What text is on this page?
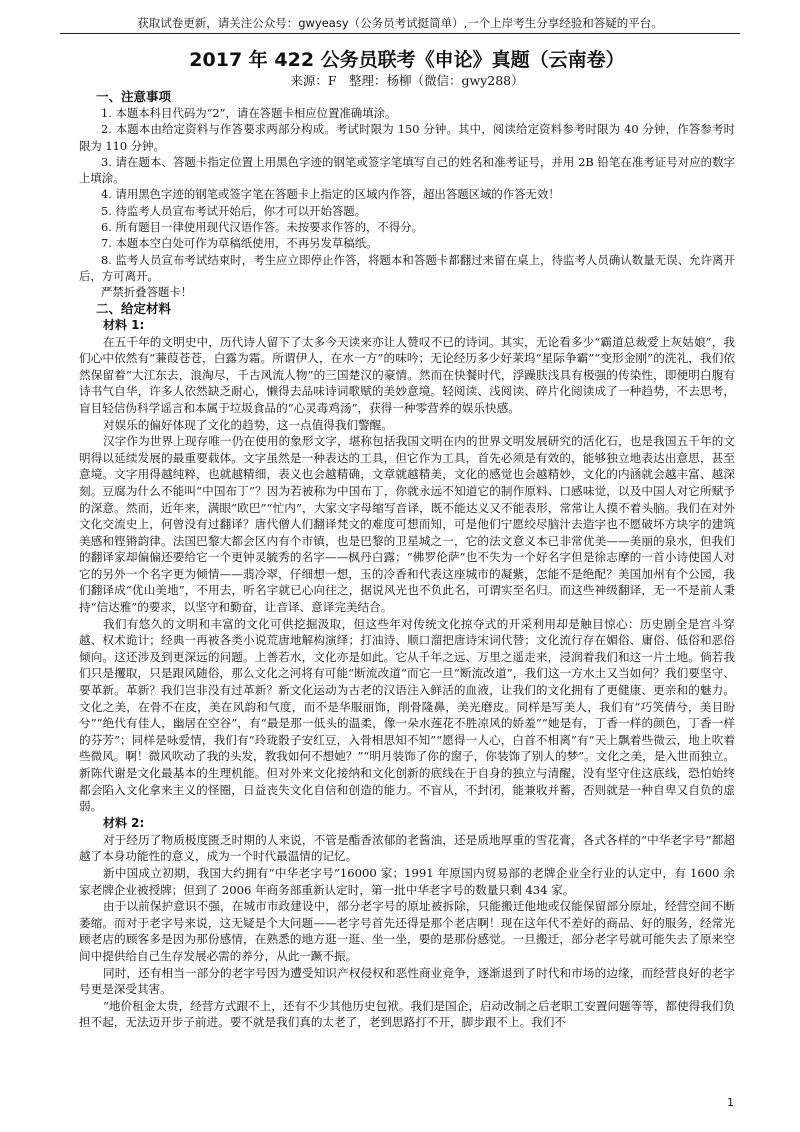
获取试卷更新，请关注公众号：gwyeasy（公务员考试挺简单）,一个上岸考生分享经验和答疑的平台。
2017 年 422 公务员联考《申论》真题（云南卷）
来源：F　整理：杨柳（微信：gwy288）
一、注意事项

1. 本题本科目代码为“2”，请在答题卡相应位置准确填涂。

2. 本题本由给定资料与作答要求两部分构成。考试时限为 150 分钟。其中，阅读给定资料参考时限为 40 分钟，作答参考时限为 110 分钟。

3. 请在题本、答题卡指定位置上用黑色字迹的钢笔或签字笔填写自己的姓名和准考证号，并用 2B 铅笔在准考证号对应的数字上填涂。

4. 请用黑色字迹的钢笔或签字笔在答题卡上指定的区域内作答，超出答题区域的作答无效！

5. 待监考人员宣布考试开始后，你才可以开始答题。

6. 所有题目一律使用现代汉语作答。未按要求作答的，不得分。

7. 本题本空白处可作为草稿纸使用，不再另发草稿纸。

8. 监考人员宣布考试结束时，考生应立即停止作答，将题本和答题卡都翻过来留在桌上，待监考人员确认数量无误、允许离开后，方可离开。

严禁折叠答题卡！

二、给定材料
材料 1:

在五千年的文明史中，历代诗人留下了太多今天读来亦让人赞叹不已的诗词。其实，无论看多少“霸道总裁爱上灰姑娘”，我们心中依然有“蒹葭苍苍，白露为霜。所谓伊人，在水一方”的味吟；无论经历多少好莱坞“星际争霸”“变形金刚”的洗礼，我们依然保留着“大江东去，浪淘尽，千古风流人物”的三国楚汉的豪情。然而在快餐时代，浮躁肤浅具有极强的传染性，即便明白腹有诗书气自华，许多人依然缺乏耐心，懒得去品味诗词歌赋的美妙意境。轻阅读、浅阅读、碎片化阅读成了一种趋势，不去思考，盲目轻信伪科学谣言和本属于垃圾食品的“心灵毒鸡汤”，获得一种零营养的娱乐快感。

对娱乐的偏好体现了文化的趋势，这一点值得我们警醒。

汉字作为世界上现存唯一仍在使用的象形文字，堪称包括我国文明在内的世界文明发展研究的活化石，也是我国五千年的文明得以延续发展的最重要载体。文字虽然是一种表达的工具，但它作为工具，首先必须是有效的，能够独立地表达出意思，甚至意境。文字用得越纯粹，也就越精细，表义也会越精确，文章就越精美，文化的感觉也会越精妙，文化的内涵就会越丰富、越深刻。豆腐为什么不能叫“中国布丁”？因为若被称为中国布丁，你就永远不知道它的制作原料、口感味觉，以及中国人对它所赋予的深意。然而，近年来，满眼“欧巴”“忙内”，大家文字母缩写音译，既不能达义又不能表形，常常让人摸不着头脑。我们在对外文化交流史上，何曾没有过翻译？唐代僧人们翻译梵文的难度可想而知，可是他们宁愿绞尽脑汁去造字也不愿破坏方块字的建筑美感和铿锵韵律。法国巴黎大都会区内有个市镇，也是巴黎的卫星城之一，它的法文意义本已非常优美——美丽的泉水，但我们的翻译家却偏偏还要给它一个更钟灵毓秀的名字——枫丹白露；“佛罗伦萨”也不失为一个好名字但是徐志摩的一首小诗使国人对它的另外一个名字更为倾情——翡冷翠，仔细想一想，玉的冷香和代表这座城市的凝紫，怎能不是绝配？美国加州有个公园，我们翻译成“优山美地”，不用去，听名字就已心向往之，据说风光也不负此名，可谓实至名归。而这些神级翻译，无一不是前人秉持“信达雅”的要求，以坚守和勤奋，让音译、意译完美结合。

我们有悠久的文明和丰富的文化可供挖掘汲取，但这些年对传统文化掠夺式的开采利用却是触目惊心：历史剧全是宫斗穿越、权术诡计；经典一再被各类小说荒唐地解构演绎；打油诗、顺口溜把唐诗宋词代替；文化流行存在媚俗、庸俗、低俗和恶俗倾向。这还涉及到更深远的问题。上善若水，文化亦是如此。它从千年之远、万里之遥走来，浸润着我们和这一片土地。倘若我们只是攫取，只是跟风随俗，那么文化之河将有可能“断流改道”而它一旦“断流改道”，我们这一方水土又当如何？我们要坚守、要革新。革新？我们岂非没有过革新？新文化运动为古老的汉语注入鲜活的血液，让我们的文化拥有了更健康、更亲和的魅力。文化之美，在骨不在皮，美在风韵和气度，而不是华服丽饰，削骨隆鼻，美光磨皮。同样是写美人，我们有“巧笑倩兮，美目盼兮”“绝代有佳人，幽居在空谷”，有“最是那一低头的温柔，像一朵水莲花不胜凉风的娇羞”“她是有，丁香一样的颜色，丁香一样的芬芳”；同样是咏爱情，我们有“玲珑骰子安红豆，入骨相思知不知”“愿得一人心，白首不相离”有“天上飘着些微云，地上吹着些微风。啊！微风吹动了我的头发，教我如何不想她？”“明月装饰了你的窗子，你装饰了别人的梦”。文化之美，是入世而独立。新陈代谢是文化最基本的生理机能。但对外来文化接纳和文化创新的底线在于自身的独立与清醒，没有坚守住这底线，恐怕始终都会陷入文化拿来主义的怪圈，日益丧失文化自信和创造的能力。不盲从，不封闭，能兼收并蓄，否则就是一种自卑又自负的虚弱。

材料 2:

对于经历了物质极度匮乏时期的人来说，不管是酯香浓郁的老酱油，还是质地厚重的雪花膏，各式各样的“中华老字号”都超越了本身功能性的意义，成为一个时代最温情的记忆。

新中国成立初期，我国大约拥有“中华老字号”16000 家；1991 年原国内贸易部的老牌企业全行业的认定中，有 1600 余家老牌企业被授牌；但到了 2006 年商务部重新认定时，第一批中华老字号的数量只剩 434 家。

由于以前保护意识不强，在城市市政建设中，部分老字号的原址被拆除，只能搬迁他地或仅能保留部分原址，经营空间不断萎缩。而对于老字号来说，这无疑是个大问题——老字号首先还得是那个老店啊！现在这年代不差好的商品、好的服务，经常光顾老店的顾客多是因为那份感情，在熟悉的地方逛一逛、坐一坐，要的是那份感觉。一旦搬迁，部分老字号就可能失去了原来空间中提供给自己生存发展必需的养分，从此一蹶不振。

同时，还有相当一部分的老字号因为遭受知识产权侵权和恶性商业竞争，逐渐退到了时代和市场的边缘，而经营良好的老字号更是深受其害。

“地价租金太贵，经营方式跟不上，还有不少其他历史包袱。我们是国企，启动改制之后老职工安置问题等等，都使得我们负担不起，无法迈开步子前进。要不就是我们真的太老了，老到思路打不开，脚步跟不上。我们不

1
